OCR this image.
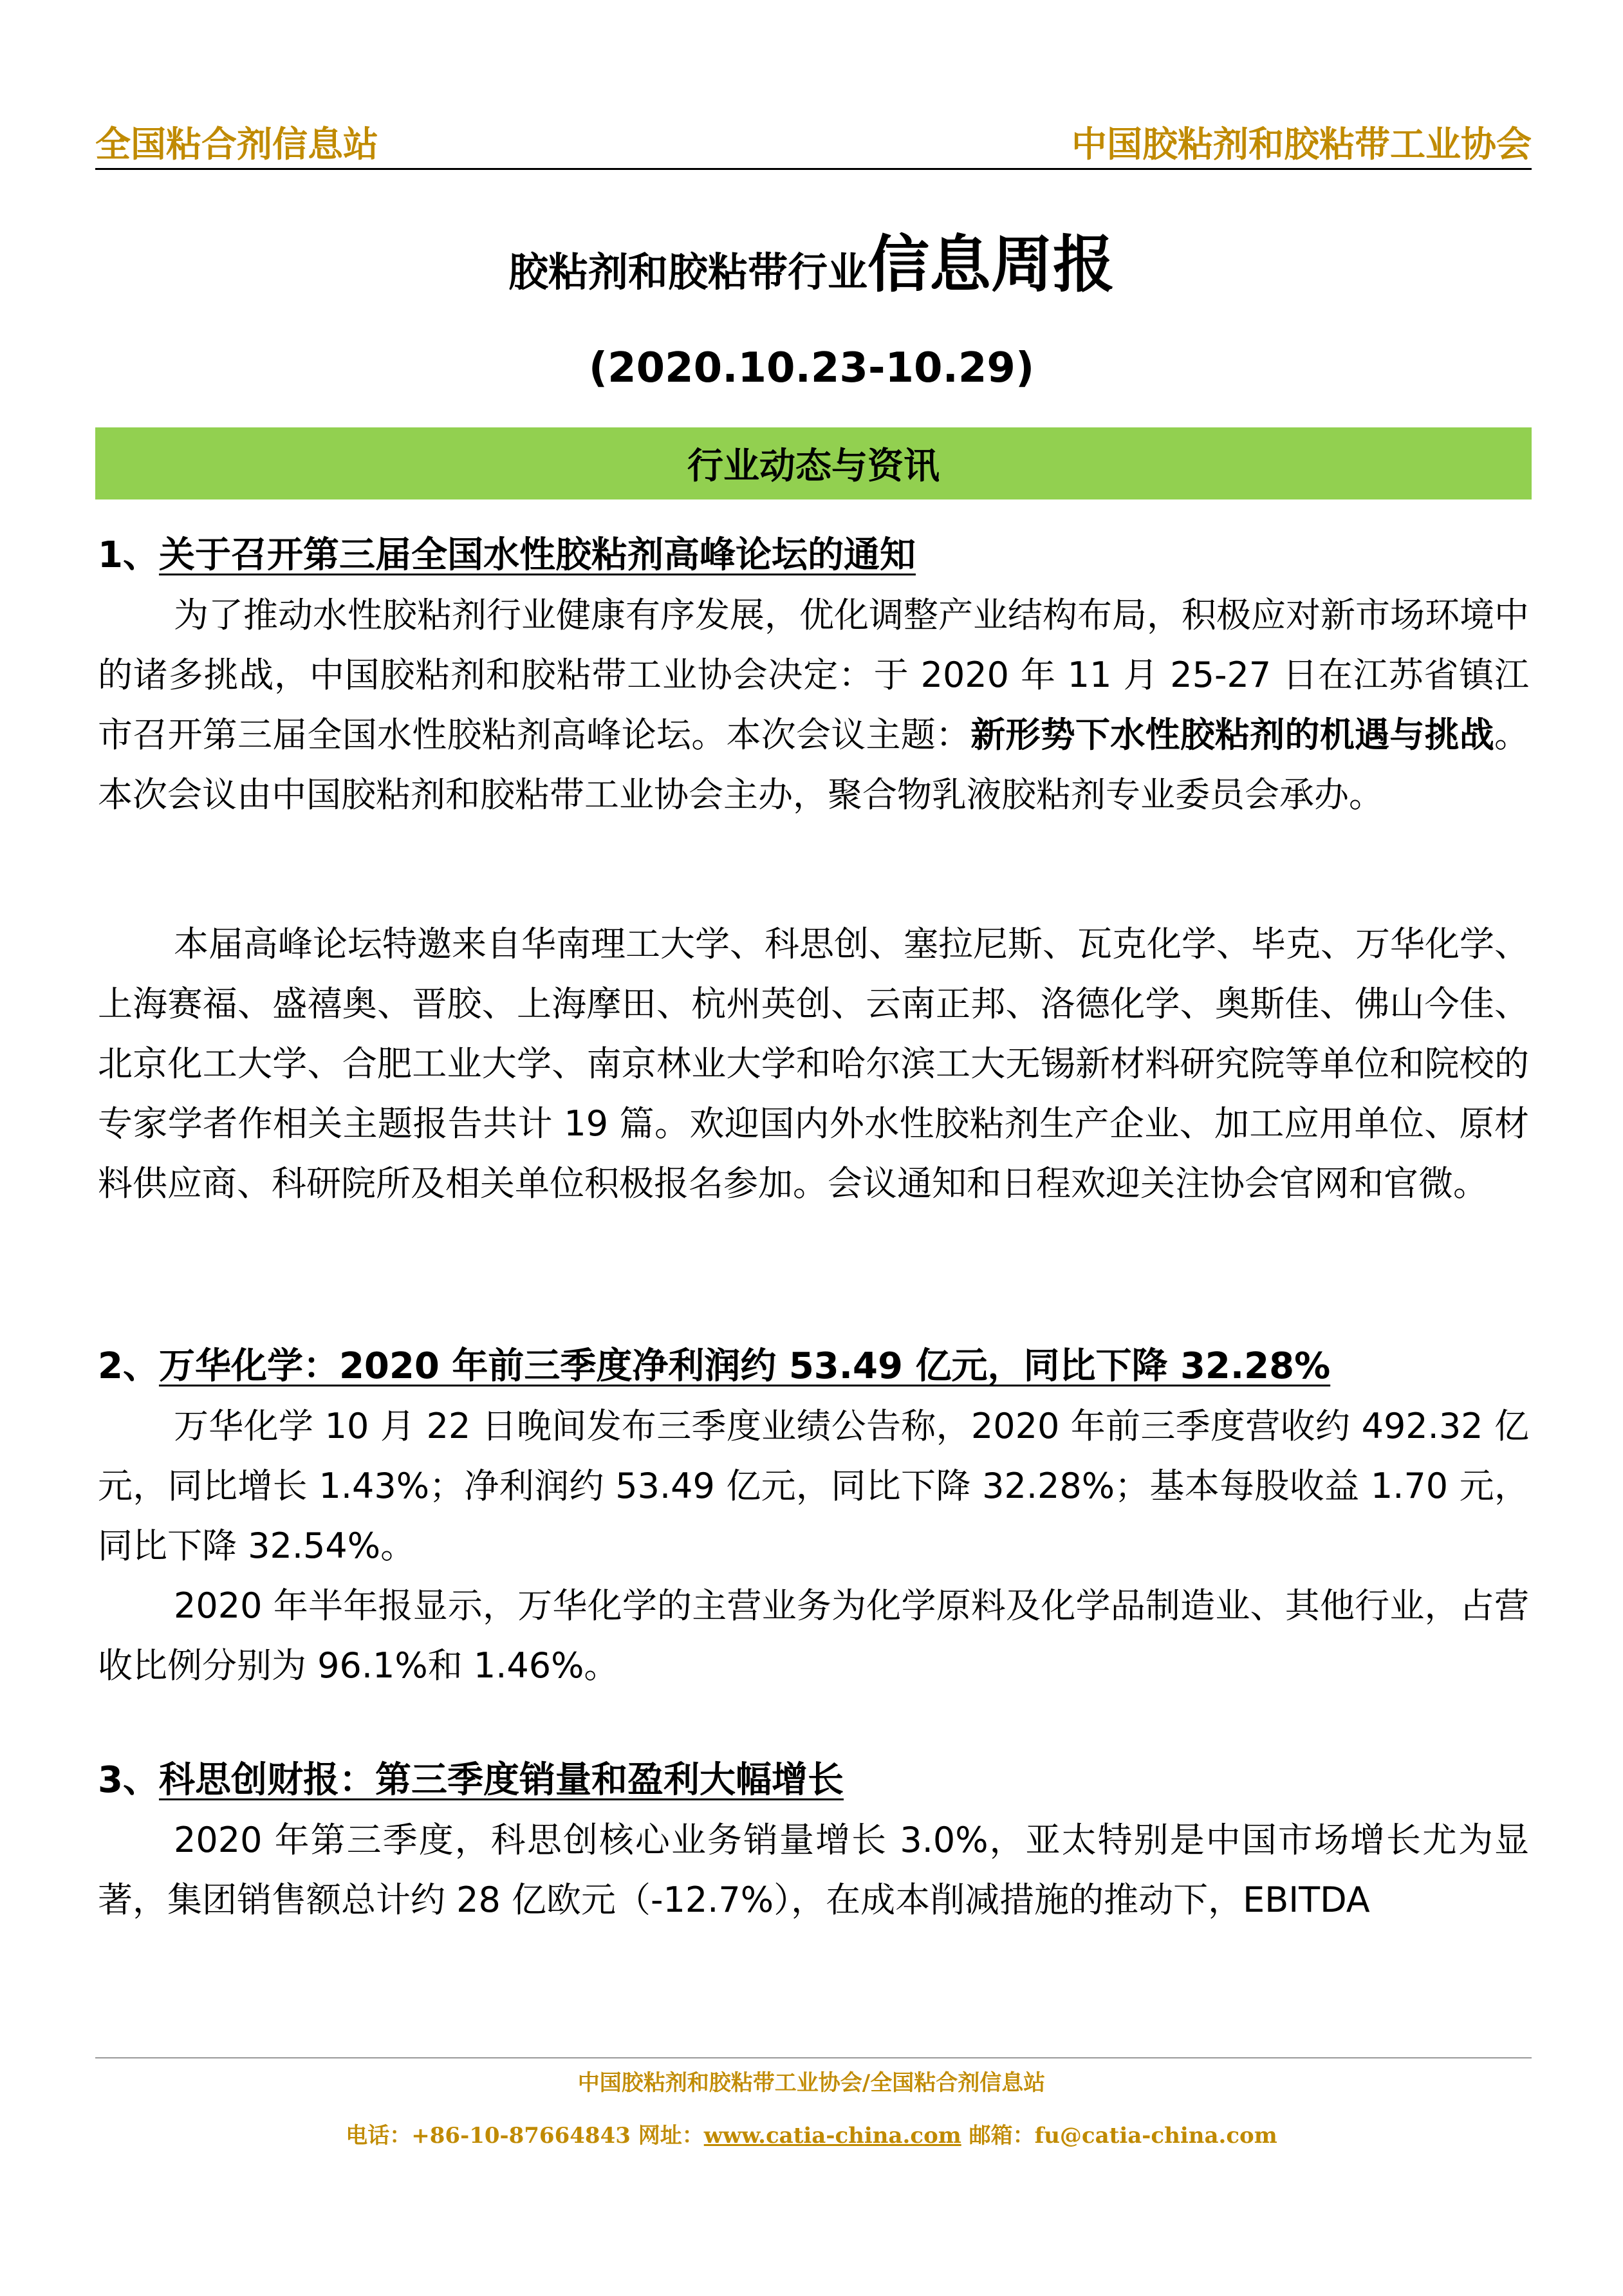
全国粘合剂信息站	中国胶粘剂和胶粘带工业协会
胶粘剂和胶粘带行业信息周报
(2020.10.23-10.29)
行业动态与资讯
1、关于召开第三届全国水性胶粘剂高峰论坛的通知
为了推动水性胶粘剂行业健康有序发展，优化调整产业结构布局，积极应对新市场环境中的诸多挑战，中国胶粘剂和胶粘带工业协会决定：于 2020 年 11 月 25-27 日在江苏省镇江市召开第三届全国水性胶粘剂高峰论坛。本次会议主题：新形势下水性胶粘剂的机遇与挑战。本次会议由中国胶粘剂和胶粘带工业协会主办，聚合物乳液胶粘剂专业委员会承办。
本届高峰论坛特邀来自华南理工大学、科思创、塞拉尼斯、瓦克化学、毕克、万华化学、上海赛福、盛禧奥、晋胶、上海摩田、杭州英创、云南正邦、洛德化学、奥斯佳、佛山今佳、北京化工大学、合肥工业大学、南京林业大学和哈尔滨工大无锡新材料研究院等单位和院校的专家学者作相关主题报告共计 19 篇。欢迎国内外水性胶粘剂生产企业、加工应用单位、原材料供应商、科研院所及相关单位积极报名参加。会议通知和日程欢迎关注协会官网和官微。
2、万华化学：2020 年前三季度净利润约 53.49 亿元，同比下降 32.28%
万华化学 10 月 22 日晚间发布三季度业绩公告称，2020 年前三季度营收约 492.32 亿元，同比增长 1.43%；净利润约 53.49 亿元，同比下降 32.28%；基本每股收益 1.70 元，同比下降 32.54%。
2020 年半年报显示，万华化学的主营业务为化学原料及化学品制造业、其他行业，占营收比例分别为 96.1%和 1.46%。
3、科思创财报：第三季度销量和盈利大幅增长
2020 年第三季度，科思创核心业务销量增长 3.0%，亚太特别是中国市场增长尤为显著，集团销售额总计约 28 亿欧元（-12.7%），在成本削减措施的推动下，EBITDA
中国胶粘剂和胶粘带工业协会/全国粘合剂信息站
电话：+86-10-87664843 网址：www.catia-china.com 邮箱：fu@catia-china.com
